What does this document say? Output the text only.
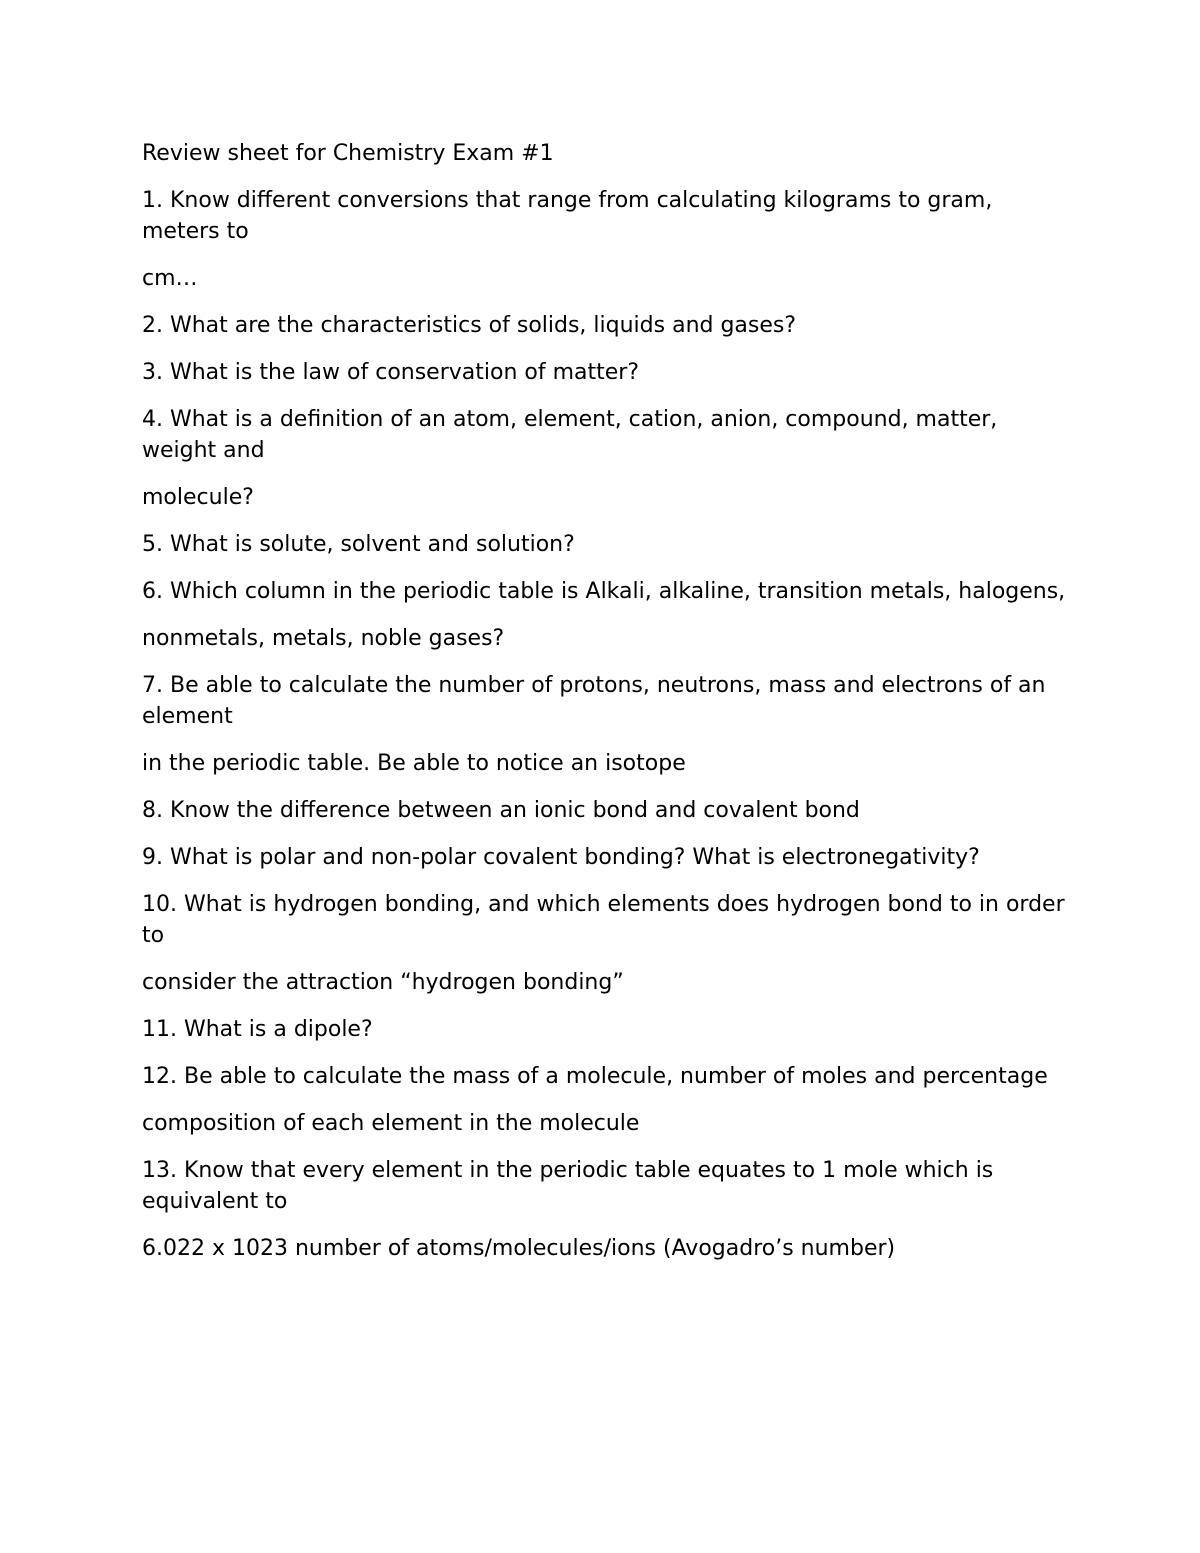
Review sheet for Chemistry Exam #1

1. Know different conversions that range from calculating kilograms to gram, meters to

cm…

2. What are the characteristics of solids, liquids and gases?

3. What is the law of conservation of matter?

4. What is a definition of an atom, element, cation, anion, compound, matter, weight and

molecule?

5. What is solute, solvent and solution?

6. Which column in the periodic table is Alkali, alkaline, transition metals, halogens,

nonmetals, metals, noble gases?

7. Be able to calculate the number of protons, neutrons, mass and electrons of an element

in the periodic table. Be able to notice an isotope

8. Know the difference between an ionic bond and covalent bond

9. What is polar and non-polar covalent bonding? What is electronegativity?

10. What is hydrogen bonding, and which elements does hydrogen bond to in order to

consider the attraction “hydrogen bonding”

11. What is a dipole?

12. Be able to calculate the mass of a molecule, number of moles and percentage

composition of each element in the molecule

13. Know that every element in the periodic table equates to 1 mole which is equivalent to

6.022 x 1023 number of atoms/molecules/ions (Avogadro’s number)
